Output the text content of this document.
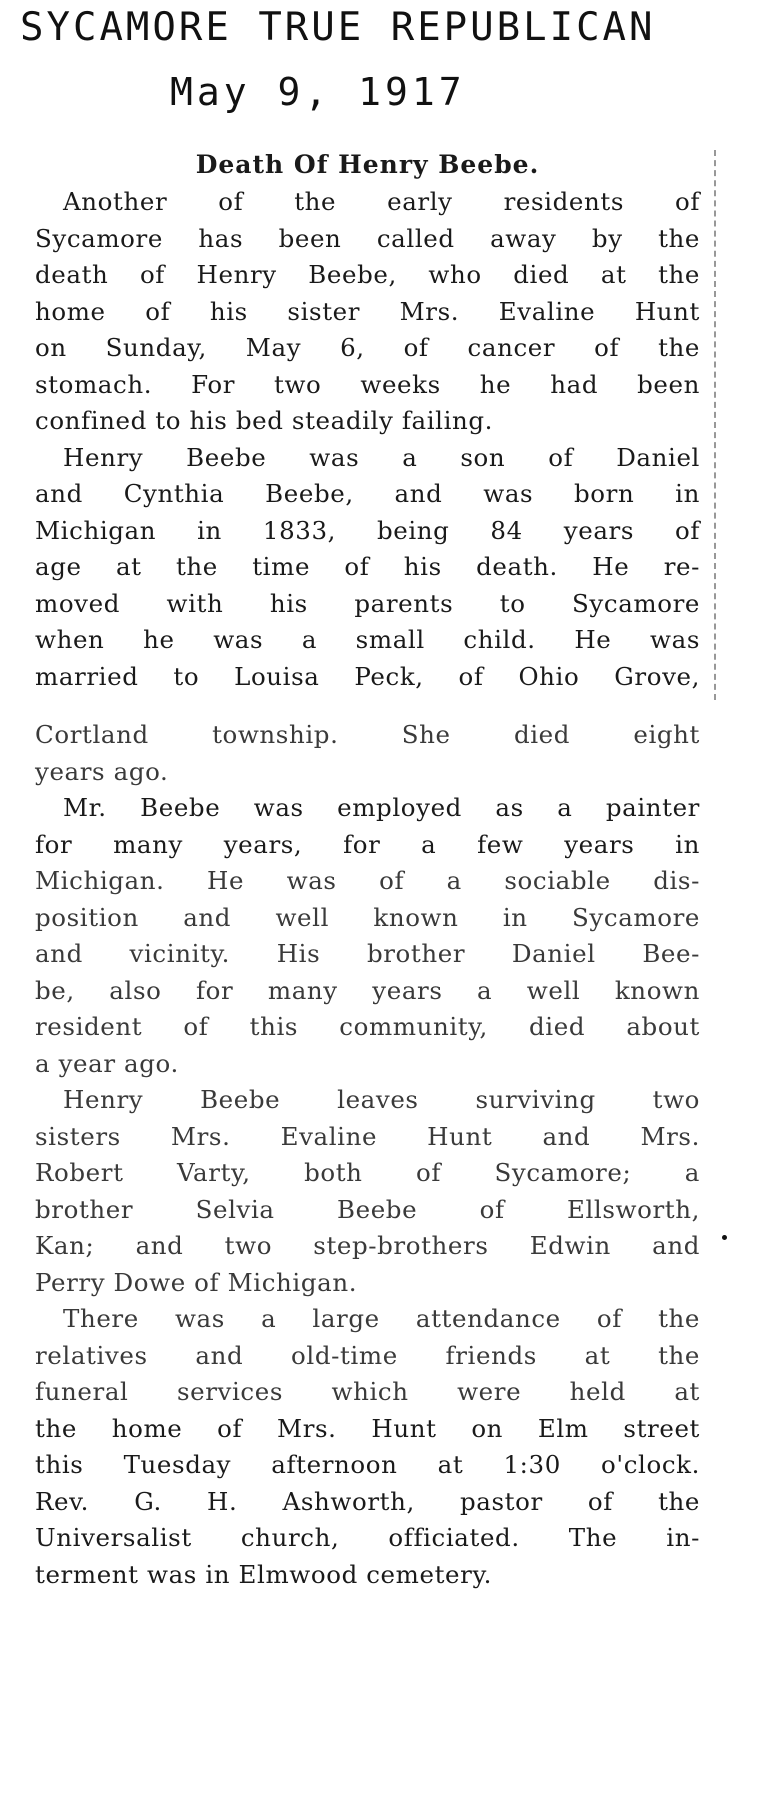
SYCAMORE TRUE REPUBLICAN
May 9, 1917
Death Of Henry Beebe.
Another of the early residents of
Sycamore has been called away by the
death of Henry Beebe, who died at the
home of his sister Mrs. Evaline Hunt
on Sunday, May 6, of cancer of the
stomach. For two weeks he had been
confined to his bed steadily failing.
Henry Beebe was a son of Daniel
and Cynthia Beebe, and was born in
Michigan in 1833, being 84 years of
age at the time of his death. He re-
moved with his parents to Sycamore
when he was a small child. He was
married to Louisa Peck, of Ohio Grove,
Cortland township. She died eight
years ago.
Mr. Beebe was employed as a painter
for many years, for a few years in
Michigan. He was of a sociable dis-
position and well known in Sycamore
and vicinity. His brother Daniel Bee-
be, also for many years a well known
resident of this community, died about
a year ago.
Henry Beebe leaves surviving two
sisters Mrs. Evaline Hunt and Mrs.
Robert Varty, both of Sycamore; a
brother Selvia Beebe of Ellsworth,
Kan; and two step-brothers Edwin and
Perry Dowe of Michigan.
There was a large attendance of the
relatives and old-time friends at the
funeral services which were held at
the home of Mrs. Hunt on Elm street
this Tuesday afternoon at 1:30 o'clock.
Rev. G. H. Ashworth, pastor of the
Universalist church, officiated. The in-
terment was in Elmwood cemetery.
